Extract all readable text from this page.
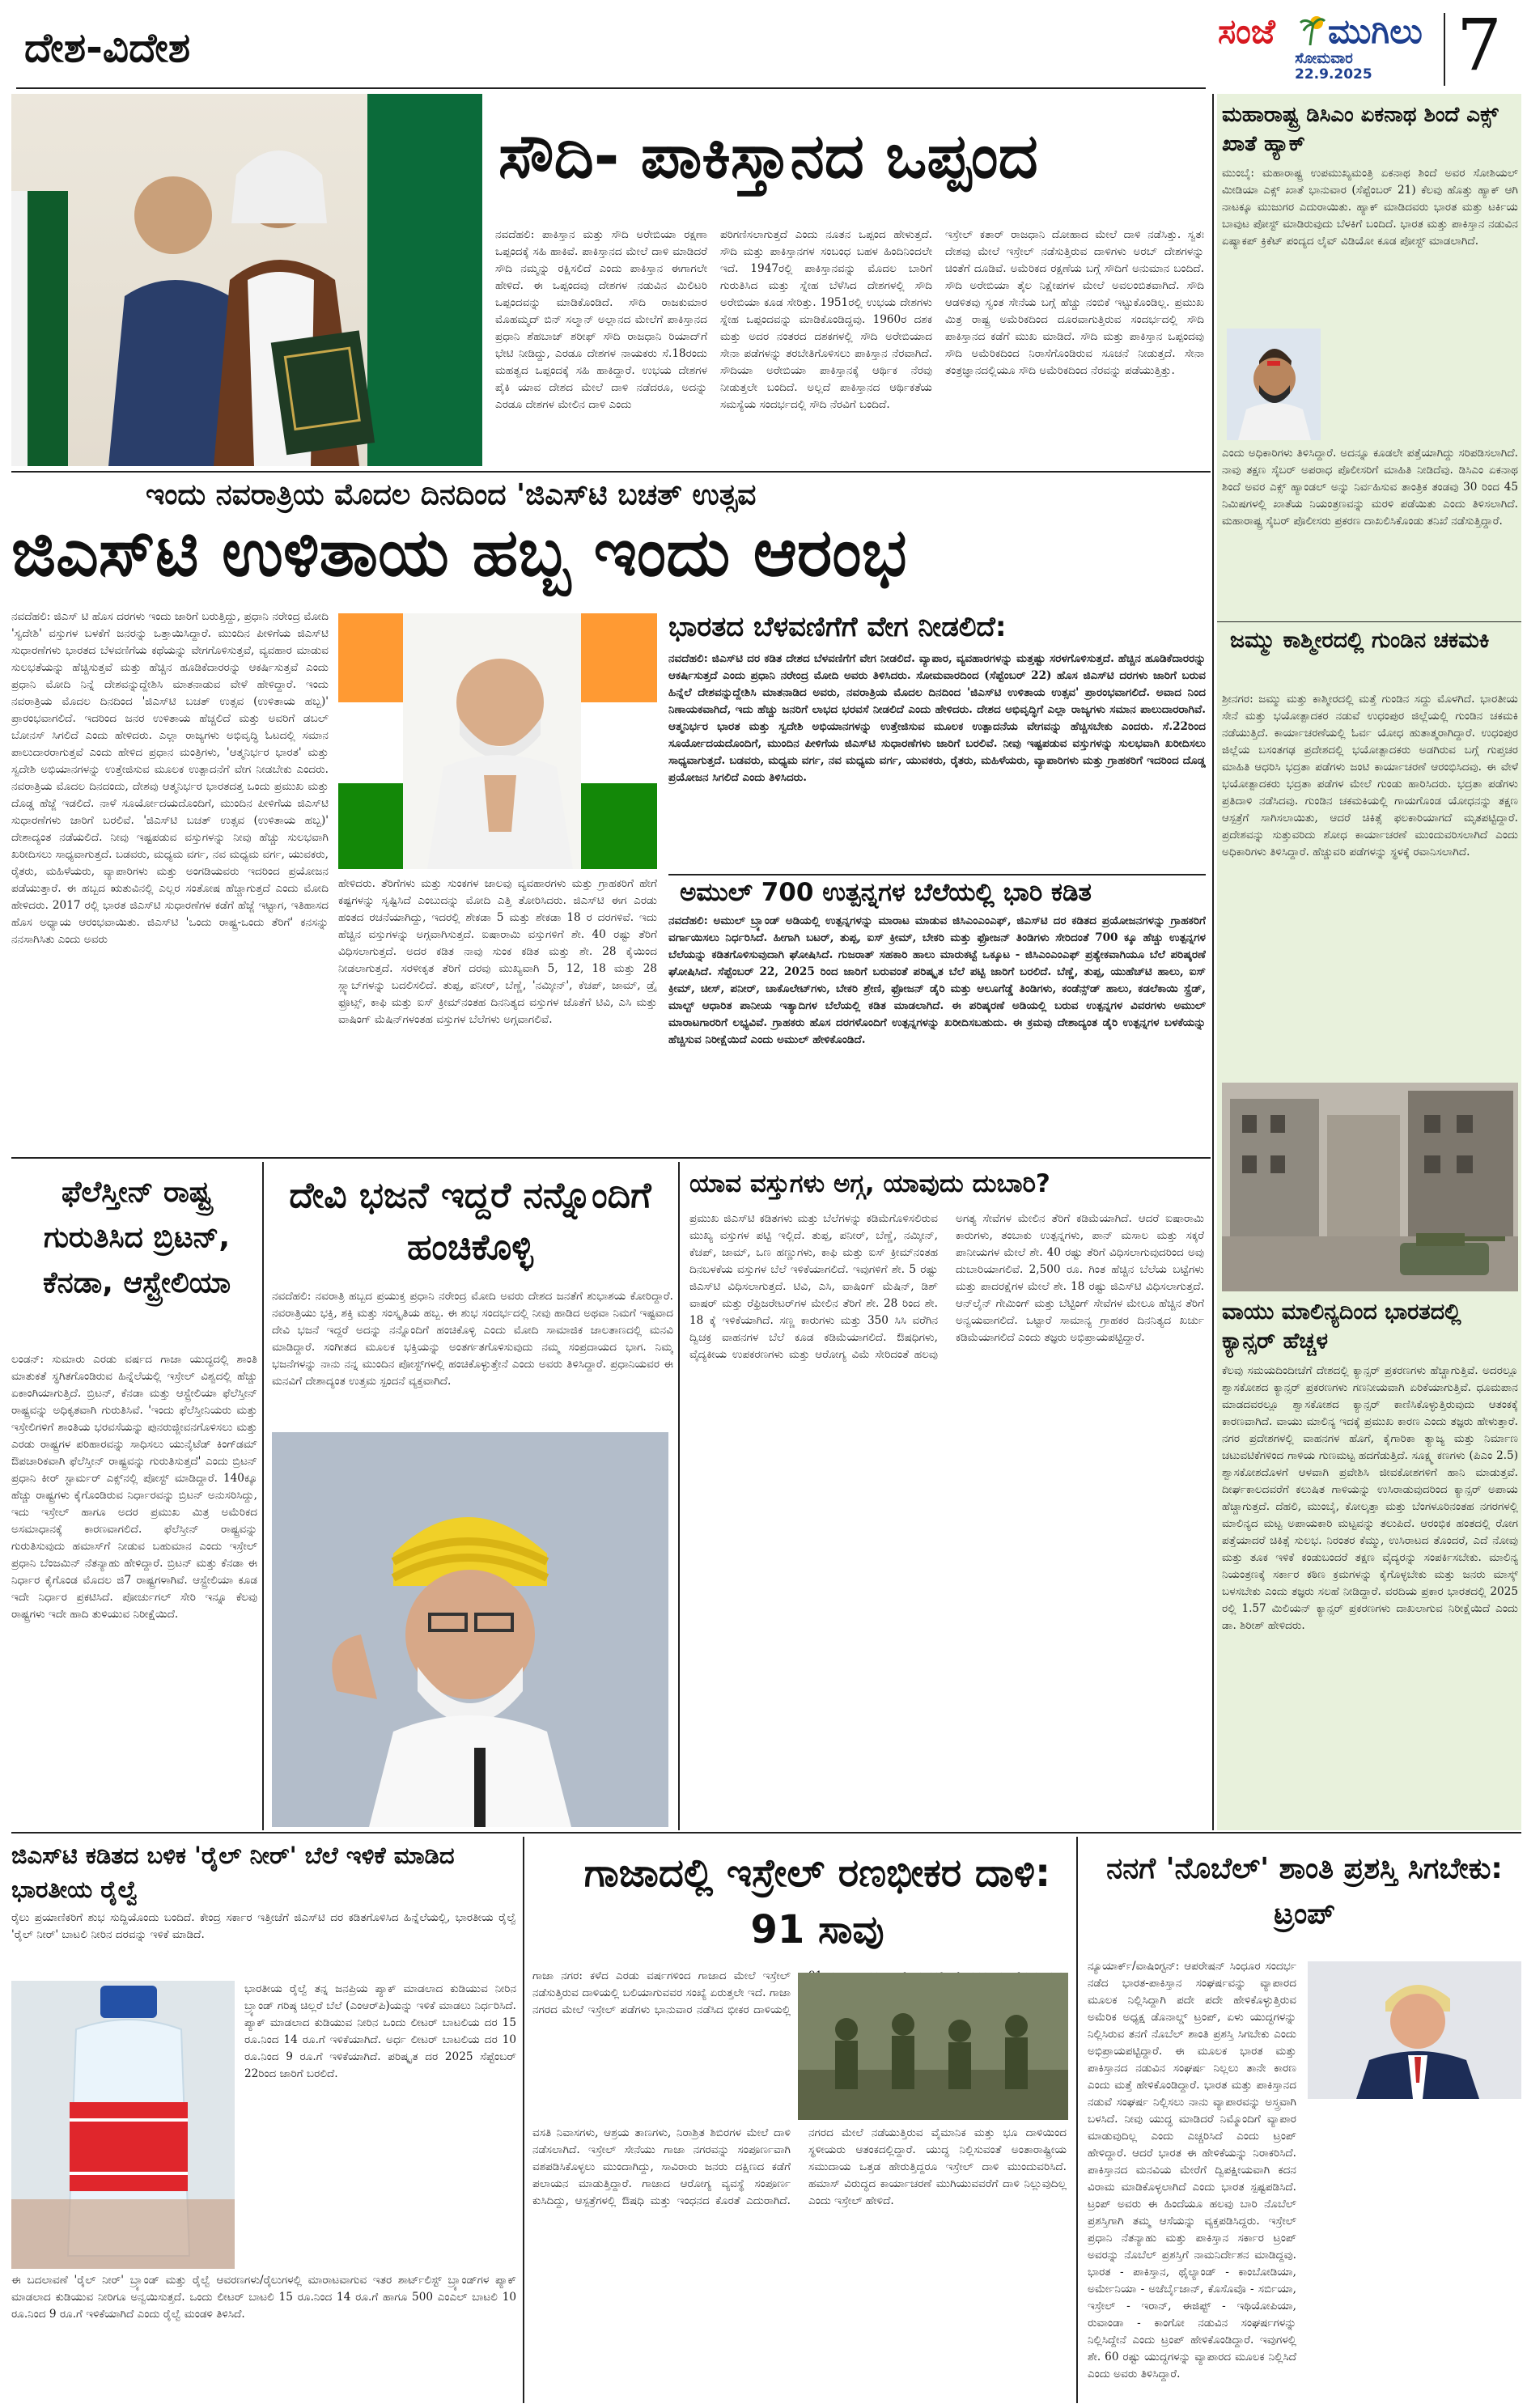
ದೇಶ-ವಿದೇಶ	ಸಂಜೆ ಮುಗಿಲು
ಸೋಮವಾರ
22.9.2025 7
ಸೌದಿ- ಪಾಕಿಸ್ತಾನದ ಒಪ್ಪಂದ
ನವದೆಹಲಿ: ಪಾಕಿಸ್ತಾನ ಮತ್ತು ಸೌದಿ ಅರೇಬಿಯಾ ರಕ್ಷಣಾ ಒಪ್ಪಂದಕ್ಕೆ ಸಹಿ ಹಾಕಿವೆ. ಪಾಕಿಸ್ತಾನದ ಮೇಲೆ ದಾಳಿ ಮಾಡಿದರೆ ಸೌದಿ ನಮ್ಮನ್ನು ರಕ್ಷಿಸಲಿದೆ ಎಂದು ಪಾಕಿಸ್ತಾನ ಈಗಾಗಲೇ ಹೇಳಿದೆ. ಈ ಒಪ್ಪಂದವು ದೇಶಗಳ ನಡುವಿನ ಮಿಲಿಟರಿ ಒಪ್ಪಂದವನ್ನು ಮಾಡಿಕೊಂಡಿದೆ. ಸೌದಿ ರಾಜಕುಮಾರ ಮೊಹಮ್ಮದ್ ಬಿನ್ ಸಲ್ಮಾನ್ ಅಲ್ಲಾನದ ಮೇಲೆಗೆ ಪಾಕಿಸ್ತಾನದ ಪ್ರಧಾನಿ ಶೆಹಬಾಜ್ ಶರೀಫ್ ಸೌದಿ ರಾಜಧಾನಿ ರಿಯಾದ್‌ಗೆ ಭೇಟಿ ನೀಡಿದ್ದು, ಎರಡೂ ದೇಶಗಳ ನಾಯಕರು ಸೆ.18ರಂದು ಮಹತ್ವದ ಒಪ್ಪಂದಕ್ಕೆ ಸಹಿ ಹಾಕಿದ್ದಾರೆ. ಉಭಯ ದೇಶಗಳ ಪೈಕಿ ಯಾವ ದೇಶದ ಮೇಲೆ ದಾಳಿ ನಡೆದರೂ, ಅದನ್ನು ಎರಡೂ ದೇಶಗಳ ಮೇಲಿನ ದಾಳಿ ಎಂದು
ಪರಿಗಣಿಸಲಾಗುತ್ತದೆ ಎಂದು ನೂತನ ಒಪ್ಪಂದ ಹೇಳುತ್ತದೆ. ಸೌದಿ ಮತ್ತು ಪಾಕಿಸ್ತಾನಗಳ ಸಂಬಂಧ ಬಹಳ ಹಿಂದಿನಿಂದಲೇ ಇದೆ. 1947ರಲ್ಲಿ ಪಾಕಿಸ್ತಾನವನ್ನು ಮೊದಲ ಬಾರಿಗೆ ಗುರುತಿಸಿದ ಮತ್ತು ಸ್ನೇಹ ಬೆಳೆಸಿದ ದೇಶಗಳಲ್ಲಿ ಸೌದಿ ಅರೇಬಿಯಾ ಕೂಡ ಸೇರಿತ್ತು. 1951ರಲ್ಲಿ ಉಭಯ ದೇಶಗಳು ಸ್ನೇಹ ಒಪ್ಪಂದವನ್ನು ಮಾಡಿಕೊಂಡಿದ್ದವು. 1960ರ ದಶಕ ಮತ್ತು ಅದರ ನಂತರದ ದಶಕಗಳಲ್ಲಿ ಸೌದಿ ಅರೇಬಿಯಾದ ಸೇನಾ ಪಡೆಗಳನ್ನು ತರಬೇತಿಗೊಳಿಸಲು ಪಾಕಿಸ್ತಾನ ನೆರವಾಗಿದೆ. ಸೌದಿಯಾ ಅರೇಬಿಯಾ ಪಾಕಿಸ್ತಾನಕ್ಕೆ ಆರ್ಥಿಕ ನೆರವು ನೀಡುತ್ತಲೇ ಬಂದಿದೆ. ಅಲ್ಲದೆ ಪಾಕಿಸ್ತಾನದ ಆರ್ಥಿಕತೆಯ ಸಮಸ್ಯೆಯ ಸಂದರ್ಭದಲ್ಲಿ ಸೌದಿ ನೆರವಿಗೆ ಬಂದಿದೆ.
ಇಸ್ರೇಲ್ ಕತಾರ್ ರಾಜಧಾನಿ ದೋಹಾದ ಮೇಲೆ ದಾಳಿ ನಡೆಸಿತ್ತು. ಸ್ವತಃ ದೇಶವು ಮೇಲೆ ಇಸ್ರೇಲ್ ನಡೆಸುತ್ತಿರುವ ದಾಳಿಗಳು ಅರಬ್ ದೇಶಗಳನ್ನು ಚಿಂತೆಗೆ ದೂಡಿವೆ. ಅಮೆರಿಕದ ರಕ್ಷಣೆಯ ಬಗ್ಗೆ ಸೌದಿಗೆ ಅನುಮಾನ ಬಂದಿದೆ. ಸೌದಿ ಅರೇಬಿಯಾ ತೈಲ ನಿಕ್ಷೇಪಗಳ ಮೇಲೆ ಅವಲಂಬಿತವಾಗಿದೆ. ಸೌದಿ ಆಡಳಿತವು ಸ್ವಂತ ಸೇನೆಯ ಬಗ್ಗೆ ಹೆಚ್ಚು ನಂಬಿಕೆ ಇಟ್ಟುಕೊಂಡಿಲ್ಲ. ಪ್ರಮುಖ ಮಿತ್ರ ರಾಷ್ಟ್ರ ಅಮೆರಿಕದಿಂದ ದೂರವಾಗುತ್ತಿರುವ ಸಂದರ್ಭದಲ್ಲಿ ಸೌದಿ ಪಾಕಿಸ್ತಾನದ ಕಡೆಗೆ ಮುಖ ಮಾಡಿದೆ. ಸೌದಿ ಮತ್ತು ಪಾಕಿಸ್ತಾನ ಒಪ್ಪಂದವು ಸೌದಿ ಅಮೆರಿಕದಿಂದ ನಿರಾಸೆಗೊಂಡಿರುವ ಸೂಚನೆ ನೀಡುತ್ತದೆ. ಸೇನಾ ತಂತ್ರಜ್ಞಾನದಲ್ಲಿಯೂ ಸೌದಿ ಅಮೆರಿಕದಿಂದ ನೆರವನ್ನು ಪಡೆಯುತ್ತಿತ್ತು.
ಇಂದು ನವರಾತ್ರಿಯ ಮೊದಲ ದಿನದಿಂದ 'ಜಿಎಸ್‌ಟಿ ಬಚತ್ ಉತ್ಸವ
ಜಿಎಸ್‌ಟಿ ಉಳಿತಾಯ ಹಬ್ಬ ಇಂದು ಆರಂಭ
ನವದೆಹಲಿ: ಜಿಎಸ್ ಟಿ ಹೊಸ ದರಗಳು ಇಂದು ಜಾರಿಗೆ ಬರುತ್ತಿದ್ದು, ಪ್ರಧಾನಿ ನರೇಂದ್ರ ಮೋದಿ 'ಸ್ವದೇಶಿ' ವಸ್ತುಗಳ ಬಳಕೆಗೆ ಜನರನ್ನು ಒತ್ತಾಯಿಸಿದ್ದಾರೆ. ಮುಂದಿನ ಪೀಳಿಗೆಯ ಜಿಎಸ್‌ಟಿ ಸುಧಾರಣೆಗಳು ಭಾರತದ ಬೆಳವಣಿಗೆಯ ಕಥೆಯನ್ನು ವೇಗಗೊಳಿಸುತ್ತವೆ, ವ್ಯವಹಾರ ಮಾಡುವ ಸುಲಭತೆಯನ್ನು ಹೆಚ್ಚಿಸುತ್ತವೆ ಮತ್ತು ಹೆಚ್ಚಿನ ಹೂಡಿಕೆದಾರರನ್ನು ಆಕರ್ಷಿಸುತ್ತವೆ ಎಂದು ಪ್ರಧಾನಿ ಮೋದಿ ನಿನ್ನೆ ದೇಶವನ್ನುದ್ದೇಶಿಸಿ ಮಾತನಾಡುವ ವೇಳೆ ಹೇಳಿದ್ದಾರೆ. ಇಂದು ನವರಾತ್ರಿಯ ಮೊದಲ ದಿನದಿಂದ 'ಜಿಎಸ್‌ಟಿ ಬಚತ್ ಉತ್ಸವ (ಉಳಿತಾಯ ಹಬ್ಬ)' ಪ್ರಾರಂಭವಾಗಲಿದೆ. ಇದರಿಂದ ಜನರ ಉಳಿತಾಯ ಹೆಚ್ಚಲಿದೆ ಮತ್ತು ಅವರಿಗೆ ಡಬಲ್ ಬೋನಸ್ ಸಿಗಲಿದೆ ಎಂದು ಹೇಳಿದರು. ಎಲ್ಲಾ ರಾಜ್ಯಗಳು ಅಭಿವೃದ್ಧಿ ಓಟದಲ್ಲಿ ಸಮಾನ ಪಾಲುದಾರರಾಗುತ್ತವೆ ಎಂದು ಹೇಳಿದ ಪ್ರಧಾನ ಮಂತ್ರಿಗಳು, 'ಆತ್ಮನಿರ್ಭರ ಭಾರತ' ಮತ್ತು ಸ್ವದೇಶಿ ಅಭಿಯಾನಗಳನ್ನು ಉತ್ತೇಜಿಸುವ ಮೂಲಕ ಉತ್ಪಾದನೆಗೆ ವೇಗ ನೀಡಬೇಕು ಎಂದರು. ನವರಾತ್ರಿಯ ಮೊದಲ ದಿನದಂದು, ದೇಶವು ಆತ್ಮನಿರ್ಭರ ಭಾರತದತ್ತ ಒಂದು ಪ್ರಮುಖ ಮತ್ತು ದೊಡ್ಡ ಹೆಜ್ಜೆ ಇಡಲಿದೆ. ನಾಳೆ ಸೂರ್ಯೋದಯದೊಂದಿಗೆ, ಮುಂದಿನ ಪೀಳಿಗೆಯ ಜಿಎಸ್‌ಟಿ ಸುಧಾರಣೆಗಳು ಜಾರಿಗೆ ಬರಲಿವೆ. 'ಜಿಎಸ್‌ಟಿ ಬಚತ್ ಉತ್ಸವ (ಉಳಿತಾಯ ಹಬ್ಬ)' ದೇಶಾದ್ಯಂತ ನಡೆಯಲಿದೆ. ನೀವು ಇಷ್ಟಪಡುವ ವಸ್ತುಗಳನ್ನು ನೀವು ಹೆಚ್ಚು ಸುಲಭವಾಗಿ ಖರೀದಿಸಲು ಸಾಧ್ಯವಾಗುತ್ತದೆ. ಬಡವರು, ಮಧ್ಯಮ ವರ್ಗ, ನವ ಮಧ್ಯಮ ವರ್ಗ, ಯುವಕರು, ರೈತರು, ಮಹಿಳೆಯರು, ವ್ಯಾಪಾರಿಗಳು ಮತ್ತು ಅಂಗಡಿಯವರು ಇದರಿಂದ ಪ್ರಯೋಜನ ಪಡೆಯುತ್ತಾರೆ. ಈ ಹಬ್ಬದ ಋತುವಿನಲ್ಲಿ ಎಲ್ಲರ ಸಂತೋಷ ಹೆಚ್ಚಾಗುತ್ತದೆ ಎಂದು ಮೋದಿ ಹೇಳಿದರು. 2017 ರಲ್ಲಿ ಭಾರತ ಜಿಎಸ್‌ಟಿ ಸುಧಾರಣೆಗಳ ಕಡೆಗೆ ಹೆಜ್ಜೆ ಇಟ್ಟಾಗ, ಇತಿಹಾಸದ ಹೊಸ ಅಧ್ಯಾಯ ಆರಂಭವಾಯಿತು. ಜಿಎಸ್‌ಟಿ 'ಒಂದು ರಾಷ್ಟ್ರ-ಒಂದು ತೆರಿಗೆ' ಕನಸನ್ನು ನನಸಾಗಿಸಿತು ಎಂದು ಅವರು
ಹೇಳಿದರು. ತೆರಿಗೆಗಳು ಮತ್ತು ಸುಂಕಗಳ ಜಾಲವು ವ್ಯವಹಾರಗಳು ಮತ್ತು ಗ್ರಾಹಕರಿಗೆ ಹೇಗೆ ಕಷ್ಟಗಳನ್ನು ಸೃಷ್ಟಿಸಿದೆ ಎಂಬುದನ್ನು ಮೋದಿ ಎತ್ತಿ ತೋರಿಸಿದರು. ಜಿಎಸ್‌ಟಿ ಈಗ ಎರಡು ಹಂತದ ರಚನೆಯಾಗಿದ್ದು, ಇದರಲ್ಲಿ ಶೇಕಡಾ 5 ಮತ್ತು ಶೇಕಡಾ 18 ರ ದರಗಳಿವೆ. ಇದು ಹೆಚ್ಚಿನ ವಸ್ತುಗಳನ್ನು ಅಗ್ಗವಾಗಿಸುತ್ತದೆ. ಐಷಾರಾಮಿ ವಸ್ತುಗಳಿಗೆ ಶೇ. 40 ರಷ್ಟು ತೆರಿಗೆ ವಿಧಿಸಲಾಗುತ್ತದೆ. ಅದರ ಕಡಿತ ನಾವು ಸುಂಕ ಕಡಿತ ಮತ್ತು ಶೇ. 28 ಕೈಯಿಂದ ನೀಡಲಾಗುತ್ತದೆ. ಸರಳೀಕೃತ ತೆರಿಗೆ ದರವು ಮುಖ್ಯವಾಗಿ 5, 12, 18 ಮತ್ತು 28 ಸ್ಲ್ಯಾಬ್‌ಗಳನ್ನು ಬದಲಿಸಲಿದೆ. ತುಪ್ಪ, ಪನೀರ್, ಬೆಣ್ಣೆ, 'ನಮ್ಕೀನ್', ಕೆಚಪ್, ಜಾಮ್, ಡ್ರೈ ಫ್ರೂಟ್ಸ್, ಕಾಫಿ ಮತ್ತು ಐಸ್ ಕ್ರೀಮ್‌ನಂತಹ ದಿನನಿತ್ಯದ ವಸ್ತುಗಳ ಜೊತೆಗೆ ಟಿವಿ, ಎಸಿ ಮತ್ತು ವಾಷಿಂಗ್ ಮೆಷಿನ್‌ಗಳಂತಹ ವಸ್ತುಗಳ ಬೆಲೆಗಳು ಅಗ್ಗವಾಗಲಿವೆ.
ಭಾರತದ ಬೆಳವಣಿಗೆಗೆ ವೇಗ ನೀಡಲಿದೆ:
ನವದೆಹಲಿ: ಜಿಎಸ್‌ಟಿ ದರ ಕಡಿತ ದೇಶದ ಬೆಳವಣಿಗೆಗೆ ವೇಗ ನೀಡಲಿದೆ. ವ್ಯಾಪಾರ, ವ್ಯವಹಾರಗಳನ್ನು ಮತ್ತಷ್ಟು ಸರಳಗೊಳಿಸುತ್ತದೆ. ಹೆಚ್ಚಿನ ಹೂಡಿಕೆದಾರರನ್ನು ಆಕರ್ಷಿಸುತ್ತದೆ ಎಂದು ಪ್ರಧಾನಿ ನರೇಂದ್ರ ಮೋದಿ ಅವರು ತಿಳಿಸಿದರು. ಸೋಮವಾರದಿಂದ (ಸೆಪ್ಟೆಂಬರ್ 22) ಹೊಸ ಜಿಎಸ್‌ಟಿ ದರಗಳು ಜಾರಿಗೆ ಬರುವ ಹಿನ್ನೆಲೆ ದೇಶವನ್ನುದ್ದೇಶಿಸಿ ಮಾತನಾಡಿದ ಅವರು, ನವರಾತ್ರಿಯ ಮೊದಲ ದಿನದಿಂದ 'ಜಿಎಸ್‌ಟಿ ಉಳಿತಾಯ ಉತ್ಸವ' ಪ್ರಾರಂಭವಾಗಲಿದೆ. ಅವಾದ ನಿಂದ ನಿಣಾಯಕವಾಗಿದೆ, ಇದು ಹೆಚ್ಚು ಜನರಿಗೆ ಲಾಭದ ಭರವಸೆ ನೀಡಲಿದೆ ಎಂದು ಹೇಳಿದರು. ದೇಶದ ಅಭಿವೃದ್ಧಿಗೆ ಎಲ್ಲಾ ರಾಜ್ಯಗಳು ಸಮಾನ ಪಾಲುದಾರರಾಗಿವೆ. ಆತ್ಮನಿರ್ಭರ ಭಾರತ ಮತ್ತು ಸ್ವದೇಶಿ ಅಭಿಯಾನಗಳನ್ನು ಉತ್ತೇಜಿಸುವ ಮೂಲಕ ಉತ್ಪಾದನೆಯ ವೇಗವನ್ನು ಹೆಚ್ಚಿಸಬೇಕು ಎಂದರು. ಸೆ.22ರಿಂದ ಸೂರ್ಯೋದಯದೊಂದಿಗೆ, ಮುಂದಿನ ಪೀಳಿಗೆಯ ಜಿಎಸ್‌ಟಿ ಸುಧಾರಣೆಗಳು ಜಾರಿಗೆ ಬರಲಿವೆ. ನೀವು ಇಷ್ಟಪಡುವ ವಸ್ತುಗಳನ್ನು ಸುಲಭವಾಗಿ ಖರೀದಿಸಲು ಸಾಧ್ಯವಾಗುತ್ತದೆ. ಬಡವರು, ಮಧ್ಯಮ ವರ್ಗ, ನವ ಮಧ್ಯಮ ವರ್ಗ, ಯುವಕರು, ರೈತರು, ಮಹಿಳೆಯರು, ವ್ಯಾಪಾರಿಗಳು ಮತ್ತು ಗ್ರಾಹಕರಿಗೆ ಇದರಿಂದ ದೊಡ್ಡ ಪ್ರಯೋಜನ ಸಿಗಲಿದೆ ಎಂದು ತಿಳಿಸಿದರು.
ಅಮುಲ್ 700 ಉತ್ಪನ್ನಗಳ ಬೆಲೆಯಲ್ಲಿ ಭಾರಿ ಕಡಿತ
ನವದೆಹಲಿ: ಅಮುಲ್ ಬ್ರ್ಯಾಂಡ್ ಅಡಿಯಲ್ಲಿ ಉತ್ಪನ್ನಗಳನ್ನು ಮಾರಾಟ ಮಾಡುವ ಜಿಸಿಎಂಎಂಎಫ್, ಜಿಎಸ್‌ಟಿ ದರ ಕಡಿತದ ಪ್ರಯೋಜನಗಳನ್ನು ಗ್ರಾಹಕರಿಗೆ ವರ್ಗಾಯಿಸಲು ನಿರ್ಧರಿಸಿದೆ. ಹೀಗಾಗಿ ಬಟರ್, ತುಪ್ಪ, ಐಸ್ ಕ್ರೀಮ್, ಬೇಕರಿ ಮತ್ತು ಫ್ರೋಜನ್ ತಿಂಡಿಗಳು ಸೇರಿದಂತೆ 700 ಕ್ಕೂ ಹೆಚ್ಚು ಉತ್ಪನ್ನಗಳ ಬೆಲೆಯನ್ನು ಕಡಿತಗೊಳಿಸುವುದಾಗಿ ಘೋಷಿಸಿದೆ. ಗುಜರಾತ್ ಸಹಕಾರಿ ಹಾಲು ಮಾರುಕಟ್ಟೆ ಒಕ್ಕೂಟ - ಜಿಸಿಎಂಎಂಎಫ್ ಪ್ರತ್ಯೇಕವಾಗಿಯೂ ಬೆಲೆ ಪರಿಷ್ಕರಣೆ ಘೋಷಿಸಿದೆ. ಸೆಪ್ಟೆಂಬರ್ 22, 2025 ರಿಂದ ಜಾರಿಗೆ ಬರುವಂತೆ ಪರಿಷ್ಕೃತ ಬೆಲೆ ಪಟ್ಟಿ ಜಾರಿಗೆ ಬರಲಿದೆ. ಬೆಣ್ಣೆ, ತುಪ್ಪ, ಯುಹೆಚ್‌ಟಿ ಹಾಲು, ಐಸ್ ಕ್ರೀಮ್, ಚೀಸ್, ಪನೀರ್, ಚಾಕೊಲೇಟ್‌ಗಳು, ಬೇಕರಿ ಶ್ರೇಣಿ, ಫ್ರೋಜನ್ ಡೈರಿ ಮತ್ತು ಆಲೂಗೆಡ್ಡೆ ತಿಂಡಿಗಳು, ಕಂಡೆನ್ಸ್‌ಡ್ ಹಾಲು, ಕಡಲೆಕಾಯಿ ಸ್ಪ್ರೆಡ್, ಮಾಲ್ಟ್ ಆಧಾರಿತ ಪಾನೀಯ ಇತ್ಯಾದಿಗಳ ಬೆಲೆಯಲ್ಲಿ ಕಡಿತ ಮಾಡಲಾಗಿದೆ. ಈ ಪರಿಷ್ಕರಣೆ ಅಡಿಯಲ್ಲಿ ಬರುವ ಉತ್ಪನ್ನಗಳ ವಿವರಗಳು ಅಮುಲ್ ಮಾರಾಟಗಾರರಿಗೆ ಲಭ್ಯವಿವೆ. ಗ್ರಾಹಕರು ಹೊಸ ದರಗಳೊಂದಿಗೆ ಉತ್ಪನ್ನಗಳನ್ನು ಖರೀದಿಸಬಹುದು. ಈ ಕ್ರಮವು ದೇಶಾದ್ಯಂತ ಡೈರಿ ಉತ್ಪನ್ನಗಳ ಬಳಕೆಯನ್ನು ಹೆಚ್ಚಿಸುವ ನಿರೀಕ್ಷೆಯಿದೆ ಎಂದು ಅಮುಲ್ ಹೇಳಿಕೊಂಡಿದೆ.
ಮಹಾರಾಷ್ಟ್ರ ಡಿಸಿಎಂ ಏಕನಾಥ ಶಿಂದೆ ಎಕ್ಸ್ ಖಾತೆ ಹ್ಯಾಕ್
ಮುಂಬೈ: ಮಹಾರಾಷ್ಟ್ರ ಉಪಮುಖ್ಯಮಂತ್ರಿ ಏಕನಾಥ ಶಿಂದೆ ಅವರ ಸೋಶಿಯಲ್ ಮೀಡಿಯಾ ಎಕ್ಸ್ ಖಾತೆ ಭಾನುವಾರ (ಸೆಪ್ಟೆಂಬರ್ 21) ಕೆಲವು ಹೊತ್ತು ಹ್ಯಾಕ್ ಆಗಿ ನಾಟಕ್ಕೂ ಮುಜುಗರ ಎದುರಾಯಿತು. ಹ್ಯಾಕ್ ಮಾಡಿದವರು ಭಾರತ ಮತ್ತು ಟರ್ಕಿಯ ಬಾವುಟ ಪೋಸ್ಟ್ ಮಾಡಿರುವುದು ಬೆಳಕಿಗೆ ಬಂದಿದೆ. ಭಾರತ ಮತ್ತು ಪಾಕಿಸ್ತಾನ ನಡುವಿನ ಏಷ್ಯಾಕಪ್ ಕ್ರಿಕೆಟ್ ಪಂದ್ಯದ ಲೈವ್ ವಿಡಿಯೋ ಕೂಡ ಪೋಸ್ಟ್ ಮಾಡಲಾಗಿದೆ.
ಎಂದು ಅಧಿಕಾರಿಗಳು ತಿಳಿಸಿದ್ದಾರೆ. ಅದನ್ನೂ ಕೂಡಲೇ ಪತ್ತೆಯಾಗಿದ್ದು ಸರಿಪಡಿಸಲಾಗಿದೆ. ನಾವು ತಕ್ಷಣ ಸೈಬರ್ ಅಪರಾಧ ಪೊಲೀಸರಿಗೆ ಮಾಹಿತಿ ನೀಡಿದೆವು. ಡಿಸಿಎಂ ಏಕನಾಥ ಶಿಂದೆ ಅವರ ಎಕ್ಸ್ ಹ್ಯಾಂಡಲ್ ಅನ್ನು ನಿರ್ವಹಿಸುವ ತಾಂತ್ರಿಕ ತಂಡವು 30 ರಿಂದ 45 ನಿಮಿಷಗಳಲ್ಲಿ ಖಾತೆಯ ನಿಯಂತ್ರಣವನ್ನು ಮರಳಿ ಪಡೆಯಿತು ಎಂದು ತಿಳಿಸಲಾಗಿದೆ. ಮಹಾರಾಷ್ಟ್ರ ಸೈಬರ್ ಪೊಲೀಸರು ಪ್ರಕರಣ ದಾಖಲಿಸಿಕೊಂಡು ತನಿಖೆ ನಡೆಸುತ್ತಿದ್ದಾರೆ.
ಜಮ್ಮು ಕಾಶ್ಮೀರದಲ್ಲಿ ಗುಂಡಿನ ಚಕಮಕಿ
ಶ್ರೀನಗರ: ಜಮ್ಮು ಮತ್ತು ಕಾಶ್ಮೀರದಲ್ಲಿ ಮತ್ತೆ ಗುಂಡಿನ ಸದ್ದು ಮೊಳಗಿದೆ. ಭಾರತೀಯ ಸೇನೆ ಮತ್ತು ಭಯೋತ್ಪಾದಕರ ನಡುವೆ ಉಧಂಪುರ ಜಿಲ್ಲೆಯಲ್ಲಿ ಗುಂಡಿನ ಚಕಮಕಿ ನಡೆಯುತ್ತಿದೆ. ಕಾರ್ಯಾಚರಣೆಯಲ್ಲಿ ಓರ್ವ ಯೋಧ ಹುತಾತ್ಮರಾಗಿದ್ದಾರೆ. ಉಧಂಪುರ ಜಿಲ್ಲೆಯ ಬಸಂತಗಢ ಪ್ರದೇಶದಲ್ಲಿ ಭಯೋತ್ಪಾದಕರು ಅಡಗಿರುವ ಬಗ್ಗೆ ಗುಪ್ತಚರ ಮಾಹಿತಿ ಆಧರಿಸಿ ಭದ್ರತಾ ಪಡೆಗಳು ಜಂಟಿ ಕಾರ್ಯಾಚರಣೆ ಆರಂಭಿಸಿದವು. ಈ ವೇಳೆ ಭಯೋತ್ಪಾದಕರು ಭದ್ರತಾ ಪಡೆಗಳ ಮೇಲೆ ಗುಂಡು ಹಾರಿಸಿದರು. ಭದ್ರತಾ ಪಡೆಗಳು ಪ್ರತಿದಾಳಿ ನಡೆಸಿದವು. ಗುಂಡಿನ ಚಕಮಕಿಯಲ್ಲಿ ಗಾಯಗೊಂಡ ಯೋಧನನ್ನು ತಕ್ಷಣ ಆಸ್ಪತ್ರೆಗೆ ಸಾಗಿಸಲಾಯಿತು, ಆದರೆ ಚಿಕಿತ್ಸೆ ಫಲಕಾರಿಯಾಗದೆ ಮೃತಪಟ್ಟಿದ್ದಾರೆ. ಪ್ರದೇಶವನ್ನು ಸುತ್ತುವರಿದು ಶೋಧ ಕಾರ್ಯಾಚರಣೆ ಮುಂದುವರಿಸಲಾಗಿದೆ ಎಂದು ಅಧಿಕಾರಿಗಳು ತಿಳಿಸಿದ್ದಾರೆ. ಹೆಚ್ಚುವರಿ ಪಡೆಗಳನ್ನು ಸ್ಥಳಕ್ಕೆ ರವಾನಿಸಲಾಗಿದೆ.
ವಾಯು ಮಾಲಿನ್ಯದಿಂದ ಭಾರತದಲ್ಲಿ ಕ್ಯಾನ್ಸರ್ ಹೆಚ್ಚಳ
ಕೆಲವು ಸಮಯದಿಂದೀಚೆಗೆ ದೇಶದಲ್ಲಿ ಕ್ಯಾನ್ಸರ್ ಪ್ರಕರಣಗಳು ಹೆಚ್ಚಾಗುತ್ತಿವೆ. ಅದರಲ್ಲೂ ಶ್ವಾಸಕೋಶದ ಕ್ಯಾನ್ಸರ್ ಪ್ರಕರಣಗಳು ಗಣನೀಯವಾಗಿ ಏರಿಕೆಯಾಗುತ್ತಿವೆ. ಧೂಮಪಾನ ಮಾಡದವರಲ್ಲೂ ಶ್ವಾಸಕೋಶದ ಕ್ಯಾನ್ಸರ್ ಕಾಣಿಸಿಕೊಳ್ಳುತ್ತಿರುವುದು ಆತಂಕಕ್ಕೆ ಕಾರಣವಾಗಿದೆ. ವಾಯು ಮಾಲಿನ್ಯ ಇದಕ್ಕೆ ಪ್ರಮುಖ ಕಾರಣ ಎಂದು ತಜ್ಞರು ಹೇಳುತ್ತಾರೆ. ನಗರ ಪ್ರದೇಶಗಳಲ್ಲಿ ವಾಹನಗಳ ಹೊಗೆ, ಕೈಗಾರಿಕಾ ತ್ಯಾಜ್ಯ ಮತ್ತು ನಿರ್ಮಾಣ ಚಟುವಟಿಕೆಗಳಿಂದ ಗಾಳಿಯ ಗುಣಮಟ್ಟ ಹದಗೆಡುತ್ತಿದೆ. ಸೂಕ್ಷ್ಮ ಕಣಗಳು (ಪಿಎಂ 2.5) ಶ್ವಾಸಕೋಶದೊಳಗೆ ಆಳವಾಗಿ ಪ್ರವೇಶಿಸಿ ಜೀವಕೋಶಗಳಿಗೆ ಹಾನಿ ಮಾಡುತ್ತವೆ. ದೀರ್ಘಕಾಲದವರೆಗೆ ಕಲುಷಿತ ಗಾಳಿಯನ್ನು ಉಸಿರಾಡುವುದರಿಂದ ಕ್ಯಾನ್ಸರ್ ಅಪಾಯ ಹೆಚ್ಚಾಗುತ್ತದೆ. ದೆಹಲಿ, ಮುಂಬೈ, ಕೋಲ್ಕತ್ತಾ ಮತ್ತು ಬೆಂಗಳೂರಿನಂತಹ ನಗರಗಳಲ್ಲಿ ಮಾಲಿನ್ಯದ ಮಟ್ಟ ಅಪಾಯಕಾರಿ ಮಟ್ಟವನ್ನು ತಲುಪಿದೆ. ಆರಂಭಿಕ ಹಂತದಲ್ಲಿ ರೋಗ ಪತ್ತೆಯಾದರೆ ಚಿಕಿತ್ಸೆ ಸುಲಭ. ನಿರಂತರ ಕೆಮ್ಮು, ಉಸಿರಾಟದ ತೊಂದರೆ, ಎದೆ ನೋವು ಮತ್ತು ತೂಕ ಇಳಿಕೆ ಕಂಡುಬಂದರೆ ತಕ್ಷಣ ವೈದ್ಯರನ್ನು ಸಂಪರ್ಕಿಸಬೇಕು. ಮಾಲಿನ್ಯ ನಿಯಂತ್ರಣಕ್ಕೆ ಸರ್ಕಾರ ಕಠಿಣ ಕ್ರಮಗಳನ್ನು ಕೈಗೊಳ್ಳಬೇಕು ಮತ್ತು ಜನರು ಮಾಸ್ಕ್ ಬಳಸಬೇಕು ಎಂದು ತಜ್ಞರು ಸಲಹೆ ನೀಡಿದ್ದಾರೆ. ವರದಿಯ ಪ್ರಕಾರ ಭಾರತದಲ್ಲಿ 2025 ರಲ್ಲಿ 1.57 ಮಿಲಿಯನ್ ಕ್ಯಾನ್ಸರ್ ಪ್ರಕರಣಗಳು ದಾಖಲಾಗುವ ನಿರೀಕ್ಷೆಯಿದೆ ಎಂದು ಡಾ. ಶಿರೀಶ್ ಹೇಳಿದರು.
ಫೆಲೆಸ್ತೀನ್ ರಾಷ್ಟ್ರ ಗುರುತಿಸಿದ ಬ್ರಿಟನ್, ಕೆನಡಾ, ಆಸ್ಟ್ರೇಲಿಯಾ
ಲಂಡನ್: ಸುಮಾರು ಎರಡು ವರ್ಷದ ಗಾಜಾ ಯುದ್ಧದಲ್ಲಿ ಶಾಂತಿ ಮಾತುಕತೆ ಸ್ಥಗಿತಗೊಂಡಿರುವ ಹಿನ್ನೆಲೆಯಲ್ಲಿ ಇಸ್ರೇಲ್ ವಿಶ್ವದಲ್ಲಿ ಹೆಚ್ಚು ಏಕಾಂಗಿಯಾಗುತ್ತಿದೆ. ಬ್ರಿಟನ್, ಕೆನಡಾ ಮತ್ತು ಆಸ್ಟ್ರೇಲಿಯಾ ಫೆಲೆಸ್ತೀನ್ ರಾಷ್ಟ್ರವನ್ನು ಅಧಿಕೃತವಾಗಿ ಗುರುತಿಸಿವೆ. 'ಇಂದು ಫೆಲೆಸ್ತೀನಿಯರು ಮತ್ತು ಇಸ್ರೇಲಿಗಳಿಗೆ ಶಾಂತಿಯ ಭರವಸೆಯನ್ನು ಪುನರುಜ್ಜೀವನಗೊಳಿಸಲು ಮತ್ತು ಎರಡು ರಾಷ್ಟ್ರಗಳ ಪರಿಹಾರವನ್ನು ಸಾಧಿಸಲು ಯುನೈಟೆಡ್ ಕಿಂಗ್‌ಡಮ್ ಔಪಚಾರಿಕವಾಗಿ ಫೆಲೆಸ್ತೀನ್ ರಾಷ್ಟ್ರವನ್ನು ಗುರುತಿಸುತ್ತದೆ' ಎಂದು ಬ್ರಿಟನ್ ಪ್ರಧಾನಿ ಕೀರ್ ಸ್ಟಾರ್ಮರ್ ಎಕ್ಸ್‌ನಲ್ಲಿ ಪೋಸ್ಟ್ ಮಾಡಿದ್ದಾರೆ. 140ಕ್ಕೂ ಹೆಚ್ಚು ರಾಷ್ಟ್ರಗಳು ಕೈಗೊಂಡಿರುವ ನಿರ್ಧಾರವನ್ನು ಬ್ರಿಟನ್ ಅನುಸರಿಸಿದ್ದು, ಇದು ಇಸ್ರೇಲ್ ಹಾಗೂ ಅದರ ಪ್ರಮುಖ ಮಿತ್ರ ಅಮೆರಿಕದ ಅಸಮಾಧಾನಕ್ಕೆ ಕಾರಣವಾಗಲಿದೆ. ಫೆಲೆಸ್ತೀನ್ ರಾಷ್ಟ್ರವನ್ನು ಗುರುತಿಸುವುದು ಹಮಾಸ್‌ಗೆ ನೀಡುವ ಬಹುಮಾನ ಎಂದು ಇಸ್ರೇಲ್ ಪ್ರಧಾನಿ ಬೆಂಜಮಿನ್ ನೆತನ್ಯಾಹು ಹೇಳಿದ್ದಾರೆ. ಬ್ರಿಟನ್ ಮತ್ತು ಕೆನಡಾ ಈ ನಿರ್ಧಾರ ಕೈಗೊಂಡ ಮೊದಲ ಜಿ7 ರಾಷ್ಟ್ರಗಳಾಗಿವೆ. ಆಸ್ಟ್ರೇಲಿಯಾ ಕೂಡ ಇದೇ ನಿರ್ಧಾರ ಪ್ರಕಟಿಸಿದೆ. ಪೋರ್ಚುಗಲ್ ಸೇರಿ ಇನ್ನೂ ಕೆಲವು ರಾಷ್ಟ್ರಗಳು ಇದೇ ಹಾದಿ ತುಳಿಯುವ ನಿರೀಕ್ಷೆಯಿದೆ.
ದೇವಿ ಭಜನೆ ಇದ್ದರೆ ನನ್ನೊಂದಿಗೆ ಹಂಚಿಕೊಳ್ಳಿ
ನವದೆಹಲಿ: ನವರಾತ್ರಿ ಹಬ್ಬದ ಪ್ರಯುಕ್ತ ಪ್ರಧಾನಿ ನರೇಂದ್ರ ಮೋದಿ ಅವರು ದೇಶದ ಜನತೆಗೆ ಶುಭಾಶಯ ಕೋರಿದ್ದಾರೆ. ನವರಾತ್ರಿಯು ಭಕ್ತಿ, ಶಕ್ತಿ ಮತ್ತು ಸಂಸ್ಕೃತಿಯ ಹಬ್ಬ. ಈ ಶುಭ ಸಂದರ್ಭದಲ್ಲಿ ನೀವು ಹಾಡಿದ ಅಥವಾ ನಿಮಗೆ ಇಷ್ಟವಾದ ದೇವಿ ಭಜನೆ ಇದ್ದರೆ ಅದನ್ನು ನನ್ನೊಂದಿಗೆ ಹಂಚಿಕೊಳ್ಳಿ ಎಂದು ಮೋದಿ ಸಾಮಾಜಿಕ ಜಾಲತಾಣದಲ್ಲಿ ಮನವಿ ಮಾಡಿದ್ದಾರೆ. ಸಂಗೀತದ ಮೂಲಕ ಭಕ್ತಿಯನ್ನು ಅಂತರ್ಗತಗೊಳಿಸುವುದು ನಮ್ಮ ಸಂಪ್ರದಾಯದ ಭಾಗ. ನಿಮ್ಮ ಭಜನೆಗಳನ್ನು ನಾನು ನನ್ನ ಮುಂದಿನ ಪೋಸ್ಟ್‌ಗಳಲ್ಲಿ ಹಂಚಿಕೊಳ್ಳುತ್ತೇನೆ ಎಂದು ಅವರು ತಿಳಿಸಿದ್ದಾರೆ. ಪ್ರಧಾನಿಯವರ ಈ ಮನವಿಗೆ ದೇಶಾದ್ಯಂತ ಉತ್ತಮ ಸ್ಪಂದನೆ ವ್ಯಕ್ತವಾಗಿದೆ.
ಯಾವ ವಸ್ತುಗಳು ಅಗ್ಗ, ಯಾವುದು ದುಬಾರಿ?
ಪ್ರಮುಖ ಜಿಎಸ್‌ಟಿ ಕಡಿತಗಳು ಮತ್ತು ಬೆಲೆಗಳನ್ನು ಕಡಿಮೆಗೊಳಿಸಲಿರುವ ಮುಖ್ಯ ವಸ್ತುಗಳ ಪಟ್ಟಿ ಇಲ್ಲಿದೆ. ತುಪ್ಪ, ಪನೀರ್, ಬೆಣ್ಣೆ, ನಮ್ಕೀನ್, ಕೆಚಪ್, ಜಾಮ್, ಒಣ ಹಣ್ಣುಗಳು, ಕಾಫಿ ಮತ್ತು ಐಸ್ ಕ್ರೀಮ್‌ನಂತಹ ದಿನಬಳಕೆಯ ವಸ್ತುಗಳ ಬೆಲೆ ಇಳಿಕೆಯಾಗಲಿದೆ. ಇವುಗಳಿಗೆ ಶೇ. 5 ರಷ್ಟು ಜಿಎಸ್‌ಟಿ ವಿಧಿಸಲಾಗುತ್ತದೆ. ಟಿವಿ, ಎಸಿ, ವಾಷಿಂಗ್ ಮೆಷಿನ್, ಡಿಶ್ ವಾಷರ್ ಮತ್ತು ರೆಫ್ರಿಜರೇಟರ್‌ಗಳ ಮೇಲಿನ ತೆರಿಗೆ ಶೇ. 28 ರಿಂದ ಶೇ. 18 ಕ್ಕೆ ಇಳಿಕೆಯಾಗಿದೆ. ಸಣ್ಣ ಕಾರುಗಳು ಮತ್ತು 350 ಸಿಸಿ ವರೆಗಿನ ದ್ವಿಚಕ್ರ ವಾಹನಗಳ ಬೆಲೆ ಕೂಡ ಕಡಿಮೆಯಾಗಲಿದೆ. ಔಷಧಿಗಳು, ವೈದ್ಯಕೀಯ ಉಪಕರಣಗಳು ಮತ್ತು ಆರೋಗ್ಯ ವಿಮೆ ಸೇರಿದಂತೆ ಹಲವು ಅಗತ್ಯ ಸೇವೆಗಳ ಮೇಲಿನ ತೆರಿಗೆ ಕಡಿಮೆಯಾಗಿದೆ. ಆದರೆ ಐಷಾರಾಮಿ ಕಾರುಗಳು, ತಂಬಾಕು ಉತ್ಪನ್ನಗಳು, ಪಾನ್ ಮಸಾಲ ಮತ್ತು ಸಕ್ಕರೆ ಪಾನೀಯಗಳ ಮೇಲೆ ಶೇ. 40 ರಷ್ಟು ತೆರಿಗೆ ವಿಧಿಸಲಾಗುವುದರಿಂದ ಅವು ದುಬಾರಿಯಾಗಲಿವೆ. 2,500 ರೂ. ಗಿಂತ ಹೆಚ್ಚಿನ ಬೆಲೆಯ ಬಟ್ಟೆಗಳು ಮತ್ತು ಪಾದರಕ್ಷೆಗಳ ಮೇಲೆ ಶೇ. 18 ರಷ್ಟು ಜಿಎಸ್‌ಟಿ ವಿಧಿಸಲಾಗುತ್ತದೆ. ಆನ್‌ಲೈನ್ ಗೇಮಿಂಗ್ ಮತ್ತು ಬೆಟ್ಟಿಂಗ್ ಸೇವೆಗಳ ಮೇಲೂ ಹೆಚ್ಚಿನ ತೆರಿಗೆ ಅನ್ವಯವಾಗಲಿದೆ. ಒಟ್ಟಾರೆ ಸಾಮಾನ್ಯ ಗ್ರಾಹಕರ ದಿನನಿತ್ಯದ ಖರ್ಚು ಕಡಿಮೆಯಾಗಲಿದೆ ಎಂದು ತಜ್ಞರು ಅಭಿಪ್ರಾಯಪಟ್ಟಿದ್ದಾರೆ.
ಜಿಎಸ್‌ಟಿ ಕಡಿತದ ಬಳಿಕ 'ರೈಲ್ ನೀರ್' ಬೆಲೆ ಇಳಿಕೆ ಮಾಡಿದ ಭಾರತೀಯ ರೈಲ್ವೆ
ರೈಲು ಪ್ರಯಾಣಿಕರಿಗೆ ಶುಭ ಸುದ್ದಿಯೊಂದು ಬಂದಿದೆ. ಕೇಂದ್ರ ಸರ್ಕಾರ ಇತ್ತೀಚೆಗೆ ಜಿಎಸ್‌ಟಿ ದರ ಕಡಿತಗೊಳಿಸಿದ ಹಿನ್ನೆಲೆಯಲ್ಲಿ, ಭಾರತೀಯ ರೈಲ್ವೆ 'ರೈಲ್ ನೀರ್' ಬಾಟಲಿ ನೀರಿನ ದರವನ್ನು ಇಳಿಕೆ ಮಾಡಿದೆ.
ಭಾರತೀಯ ರೈಲ್ವೆ ತನ್ನ ಜನಪ್ರಿಯ ಪ್ಯಾಕ್ ಮಾಡಲಾದ ಕುಡಿಯುವ ನೀರಿನ ಬ್ರ್ಯಾಂಡ್ ಗರಿಷ್ಠ ಚಿಲ್ಲರೆ ಬೆಲೆ (ಎಂಆರ್‌ಪಿ)ಯನ್ನು ಇಳಿಕೆ ಮಾಡಲು ನಿರ್ಧರಿಸಿದೆ. ಪ್ಯಾಕ್ ಮಾಡಲಾದ ಕುಡಿಯುವ ನೀರಿನ ಒಂದು ಲೀಟರ್ ಬಾಟಲಿಯ ದರ 15 ರೂ.ನಿಂದ 14 ರೂ.ಗೆ ಇಳಿಕೆಯಾಗಿದೆ. ಅರ್ಧ ಲೀಟರ್ ಬಾಟಲಿಯ ದರ 10 ರೂ.ನಿಂದ 9 ರೂ.ಗೆ ಇಳಿಕೆಯಾಗಿದೆ. ಪರಿಷ್ಕೃತ ದರ 2025 ಸೆಪ್ಟೆಂಬರ್ 22ರಿಂದ ಜಾರಿಗೆ ಬರಲಿದೆ.
ಈ ಬದಲಾವಣೆ 'ರೈಲ್ ನೀರ್' ಬ್ರ್ಯಾಂಡ್ ಮತ್ತು ರೈಲ್ವೆ ಆವರಣಗಳು/ರೈಲುಗಳಲ್ಲಿ ಮಾರಾಟವಾಗುವ ಇತರ ಶಾರ್ಟ್‌ಲಿಸ್ಟ್ ಬ್ರ್ಯಾಂಡ್‌ಗಳ ಪ್ಯಾಕ್ ಮಾಡಲಾದ ಕುಡಿಯುವ ನೀರಿಗೂ ಅನ್ವಯಿಸುತ್ತದೆ. ಒಂದು ಲೀಟರ್ ಬಾಟಲಿ 15 ರೂ.ನಿಂದ 14 ರೂ.ಗೆ ಹಾಗೂ 500 ಎಂಎಲ್ ಬಾಟಲಿ 10 ರೂ.ನಿಂದ 9 ರೂ.ಗೆ ಇಳಿಕೆಯಾಗಿದೆ ಎಂದು ರೈಲ್ವೆ ಮಂಡಳಿ ತಿಳಿಸಿದೆ.
ಗಾಜಾದಲ್ಲಿ ಇಸ್ರೇಲ್ ರಣಭೀಕರ ದಾಳಿ: 91 ಸಾವು
ಗಾಜಾ ನಗರ: ಕಳೆದ ಎರಡು ವರ್ಷಗಳಿಂದ ಗಾಜಾದ ಮೇಲೆ ಇಸ್ರೇಲ್ ನಡೆಸುತ್ತಿರುವ ದಾಳಿಯಲ್ಲಿ ಬಲಿಯಾಗುವವರ ಸಂಖ್ಯೆ ಏರುತ್ತಲೇ ಇದೆ. ಗಾಜಾ ನಗರದ ಮೇಲೆ ಇಸ್ರೇಲ್ ಪಡೆಗಳು ಭಾನುವಾರ ನಡೆಸಿದ ಭೀಕರ ದಾಳಿಯಲ್ಲಿ
ವಸತಿ ನಿವಾಸಗಳು, ಆಶ್ರಯ ತಾಣಗಳು, ನಿರಾಶ್ರಿತ ಶಿಬಿರಗಳ ಮೇಲೆ ದಾಳಿ ನಡೆಸಲಾಗಿದೆ. ಇಸ್ರೇಲ್ ಸೇನೆಯು ಗಾಜಾ ನಗರವನ್ನು ಸಂಪೂರ್ಣವಾಗಿ ವಶಪಡಿಸಿಕೊಳ್ಳಲು ಮುಂದಾಗಿದ್ದು, ಸಾವಿರಾರು ಜನರು ದಕ್ಷಿಣದ ಕಡೆಗೆ ಪಲಾಯನ ಮಾಡುತ್ತಿದ್ದಾರೆ. ಗಾಜಾದ ಆರೋಗ್ಯ ವ್ಯವಸ್ಥೆ ಸಂಪೂರ್ಣ ಕುಸಿದಿದ್ದು, ಆಸ್ಪತ್ರೆಗಳಲ್ಲಿ ಔಷಧಿ ಮತ್ತು ಇಂಧನದ ಕೊರತೆ ಎದುರಾಗಿದೆ. ನಗರದ ಮೇಲೆ ನಡೆಯುತ್ತಿರುವ ವೈಮಾನಿಕ ಮತ್ತು ಭೂ ದಾಳಿಯಿಂದ ಸ್ಥಳೀಯರು ಆತಂಕದಲ್ಲಿದ್ದಾರೆ. ಯುದ್ಧ ನಿಲ್ಲಿಸುವಂತೆ ಅಂತಾರಾಷ್ಟ್ರೀಯ ಸಮುದಾಯ ಒತ್ತಡ ಹೇರುತ್ತಿದ್ದರೂ ಇಸ್ರೇಲ್ ದಾಳಿ ಮುಂದುವರಿಸಿದೆ. ಹಮಾಸ್ ವಿರುದ್ಧದ ಕಾರ್ಯಾಚರಣೆ ಮುಗಿಯುವವರೆಗೆ ದಾಳಿ ನಿಲ್ಲುವುದಿಲ್ಲ ಎಂದು ಇಸ್ರೇಲ್ ಹೇಳಿದೆ.
ನನಗೆ 'ನೊಬೆಲ್' ಶಾಂತಿ ಪ್ರಶಸ್ತಿ ಸಿಗಬೇಕು: ಟ್ರಂಪ್
ನ್ಯೂಯಾರ್ಕ್/ವಾಷಿಂಗ್ಟನ್: ಆಪರೇಷನ್ ಸಿಂಧೂರ ಸಂದರ್ಭ ನಡೆದ ಭಾರತ-ಪಾಕಿಸ್ತಾನ ಸಂಘರ್ಷವನ್ನು ವ್ಯಾಪಾರದ ಮೂಲಕ ನಿಲ್ಲಿಸಿದ್ದಾಗಿ ಪದೇ ಪದೇ ಹೇಳಿಕೊಳ್ಳುತ್ತಿರುವ ಅಮೆರಿಕ ಅಧ್ಯಕ್ಷ ಡೊನಾಲ್ಡ್ ಟ್ರಂಪ್, ಏಳು ಯುದ್ಧಗಳನ್ನು ನಿಲ್ಲಿಸಿರುವ ತನಗೆ ನೊಬೆಲ್ ಶಾಂತಿ ಪ್ರಶಸ್ತಿ ಸಿಗಬೇಕು ಎಂದು ಅಭಿಪ್ರಾಯಪಟ್ಟಿದ್ದಾರೆ. ಈ ಮೂಲಕ ಭಾರತ ಮತ್ತು ಪಾಕಿಸ್ತಾನದ ನಡುವಿನ ಸಂಘರ್ಷ ನಿಲ್ಲಲು ತಾನೇ ಕಾರಣ ಎಂದು ಮತ್ತೆ ಹೇಳಿಕೊಂಡಿದ್ದಾರೆ. ಭಾರತ ಮತ್ತು ಪಾಕಿಸ್ತಾನದ ನಡುವೆ ಸಂಘರ್ಷ ನಿಲ್ಲಿಸಲು ನಾನು ವ್ಯಾಪಾರವನ್ನು ಅಸ್ತ್ರವಾಗಿ ಬಳಸಿದೆ. ನೀವು ಯುದ್ಧ ಮಾಡಿದರೆ ನಿಮ್ಮೊಂದಿಗೆ ವ್ಯಾಪಾರ ಮಾಡುವುದಿಲ್ಲ ಎಂದು ಎಚ್ಚರಿಸಿದೆ ಎಂದು ಟ್ರಂಪ್ ಹೇಳಿದ್ದಾರೆ. ಆದರೆ ಭಾರತ ಈ ಹೇಳಿಕೆಯನ್ನು ನಿರಾಕರಿಸಿದೆ. ಪಾಕಿಸ್ತಾನದ ಮನವಿಯ ಮೇರೆಗೆ ದ್ವಿಪಕ್ಷೀಯವಾಗಿ ಕದನ ವಿರಾಮ ಮಾಡಿಕೊಳ್ಳಲಾಗಿದೆ ಎಂದು ಭಾರತ ಸ್ಪಷ್ಟಪಡಿಸಿದೆ. ಟ್ರಂಪ್ ಅವರು ಈ ಹಿಂದೆಯೂ ಹಲವು ಬಾರಿ ನೊಬೆಲ್ ಪ್ರಶಸ್ತಿಗಾಗಿ ತಮ್ಮ ಆಸೆಯನ್ನು ವ್ಯಕ್ತಪಡಿಸಿದ್ದರು. ಇಸ್ರೇಲ್ ಪ್ರಧಾನಿ ನೆತನ್ಯಾಹು ಮತ್ತು ಪಾಕಿಸ್ತಾನ ಸರ್ಕಾರ ಟ್ರಂಪ್ ಅವರನ್ನು ನೊಬೆಲ್ ಪ್ರಶಸ್ತಿಗೆ ನಾಮನಿರ್ದೇಶನ ಮಾಡಿದ್ದವು. ಭಾರತ - ಪಾಕಿಸ್ತಾನ, ಥೈಲ್ಯಾಂಡ್ - ಕಾಂಬೋಡಿಯಾ, ಅರ್ಮೇನಿಯಾ - ಅಜೆರ್ಬೈಜಾನ್, ಕೊಸೊವೊ - ಸರ್ಬಿಯಾ, ಇಸ್ರೇಲ್ - ಇರಾನ್, ಈಜಿಪ್ಟ್ - ಇಥಿಯೋಪಿಯಾ, ರುವಾಂಡಾ - ಕಾಂಗೋ ನಡುವಿನ ಸಂಘರ್ಷಗಳನ್ನು ನಿಲ್ಲಿಸಿದ್ದೇನೆ ಎಂದು ಟ್ರಂಪ್ ಹೇಳಿಕೊಂಡಿದ್ದಾರೆ. ಇವುಗಳಲ್ಲಿ ಶೇ. 60 ರಷ್ಟು ಯುದ್ಧಗಳನ್ನು ವ್ಯಾಪಾರದ ಮೂಲಕ ನಿಲ್ಲಿಸಿದೆ ಎಂದು ಅವರು ತಿಳಿಸಿದ್ದಾರೆ.
